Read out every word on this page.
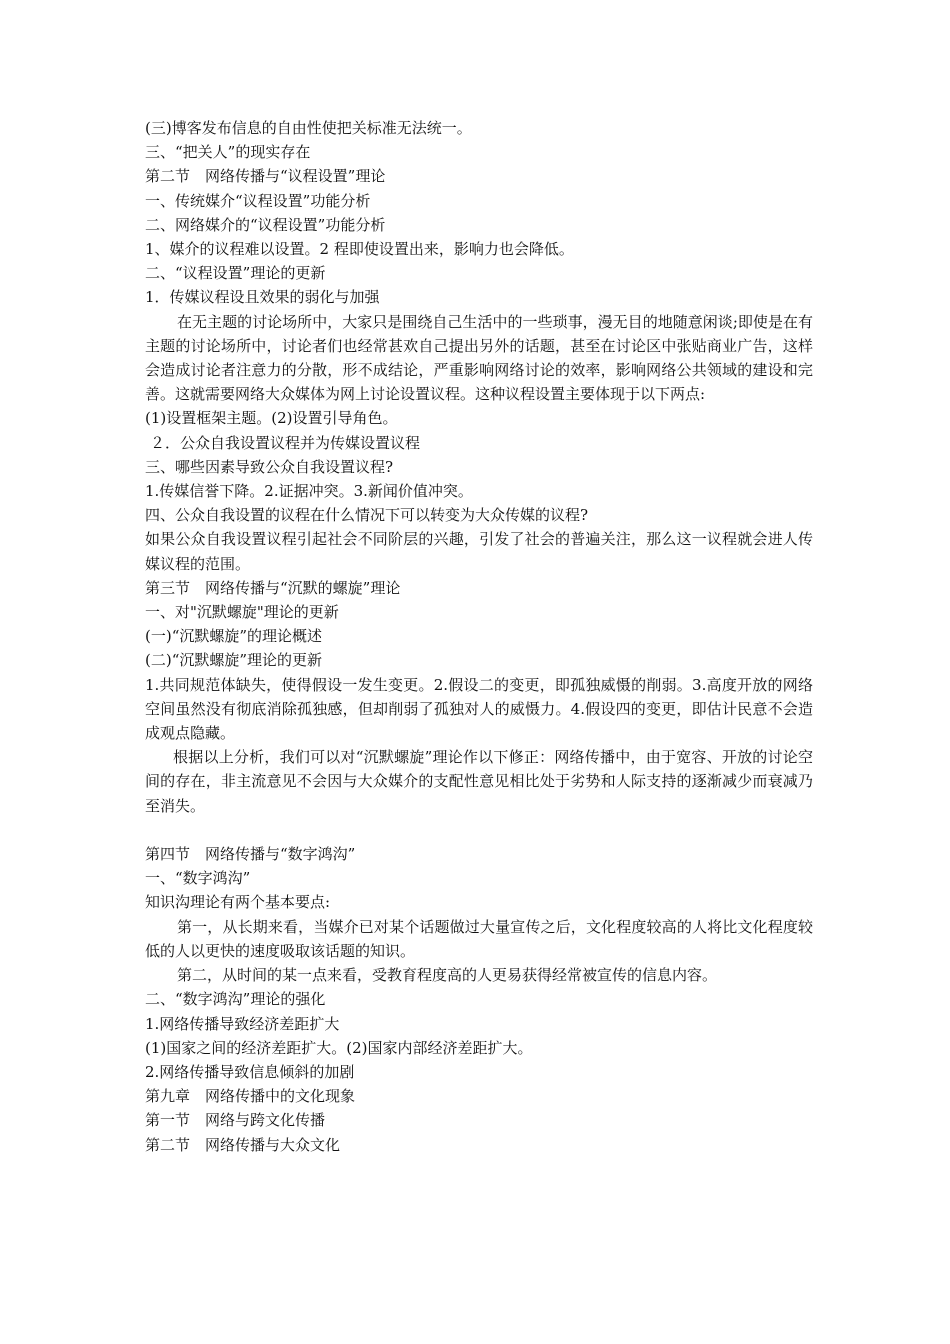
(三)博客发布信息的自由性使把关标准无法统一。
三、“把关人”的现实存在
第二节　网络传播与“议程设置”理论
一、传统媒介“议程设置”功能分析
二、网络媒介的“议程设置”功能分析
1、媒介的议程难以设置。2 程即使设置出来，影响力也会降低。
二、“议程设置”理论的更新
1．传媒议程设且效果的弱化与加强
在无主题的讨论场所中，大家只是围绕自己生活中的一些琐事，漫无目的地随意闲谈;即使是在有主题的讨论场所中，讨论者们也经常甚欢自己提出另外的话题，甚至在讨论区中张贴商业广告，这样会造成讨论者注意力的分散，形不成结论，严重影响网络讨论的效率，影响网络公共领域的建设和完善。这就需要网络大众媒体为网上讨论设置议程。这种议程设置主要体现于以下两点:
(1)设置框架主题。(2)设置引导角色。
２．公众自我设置议程并为传媒设置议程
三、哪些因素导致公众自我设置议程?
1.传媒信誉下降。2.证据冲突。3.新闻价值冲突。
四、公众自我设置的议程在什么情况下可以转变为大众传媒的议程?
如果公众自我设置议程引起社会不同阶层的兴趣，引发了社会的普遍关注，那么这一议程就会进人传媒议程的范围。
第三节　网络传播与“沉默的螺旋”理论
一、对"沉默螺旋"理论的更新
(一)“沉默螺旋”的理论概述
(二)“沉默螺旋”理论的更新
1.共同规范体缺失，使得假设一发生变更。2.假设二的变更，即孤独威慑的削弱。3.高度开放的网络空间虽然没有彻底消除孤独感，但却削弱了孤独对人的威慑力。4.假设四的变更，即估计民意不会造成观点隐藏。
根据以上分析，我们可以对“沉默螺旋”理论作以下修正：网络传播中，由于宽容、开放的讨论空间的存在，非主流意见不会因与大众媒介的支配性意见相比处于劣势和人际支持的逐渐减少而衰减乃至消失。
第四节　网络传播与“数字鸿沟”
一、“数字鸿沟”
知识沟理论有两个基本要点:
第一，从长期来看，当媒介已对某个话题做过大量宣传之后，文化程度较高的人将比文化程度较低的人以更快的速度吸取该话题的知识。
第二，从时间的某一点来看，受教育程度高的人更易获得经常被宣传的信息内容。
二、“数字鸿沟”理论的强化
1.网络传播导致经济差距扩大
(1)国家之间的经济差距扩大。(2)国家内部经济差距扩大。
2.网络传播导致信息倾斜的加剧
第九章　网络传播中的文化现象
第一节　网络与跨文化传播
第二节　网络传播与大众文化
